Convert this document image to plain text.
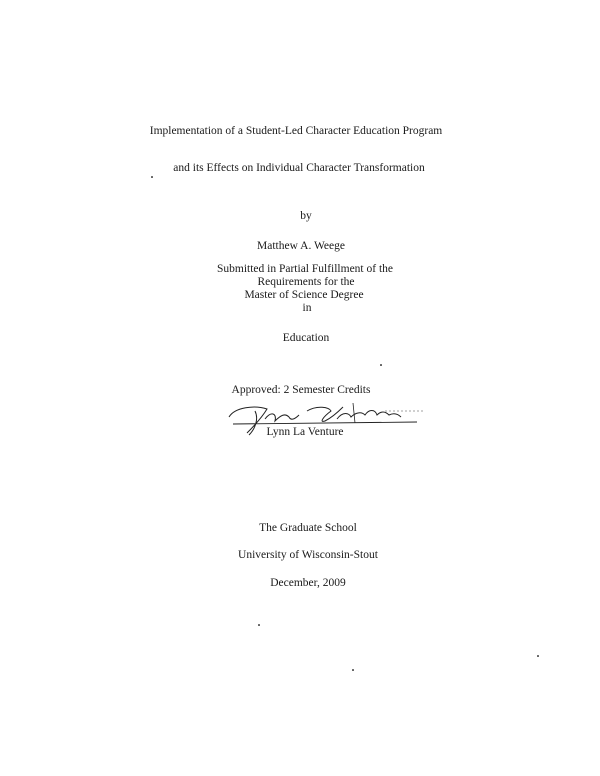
Implementation of a Student-Led Character Education Program
and its Effects on Individual Character Transformation
by
Matthew A. Weege
Submitted in Partial Fulfillment of the
Requirements for the
Master of Science Degree
in
Education
Approved: 2 Semester Credits
Lynn La Venture
The Graduate School
University of Wisconsin-Stout
December, 2009
